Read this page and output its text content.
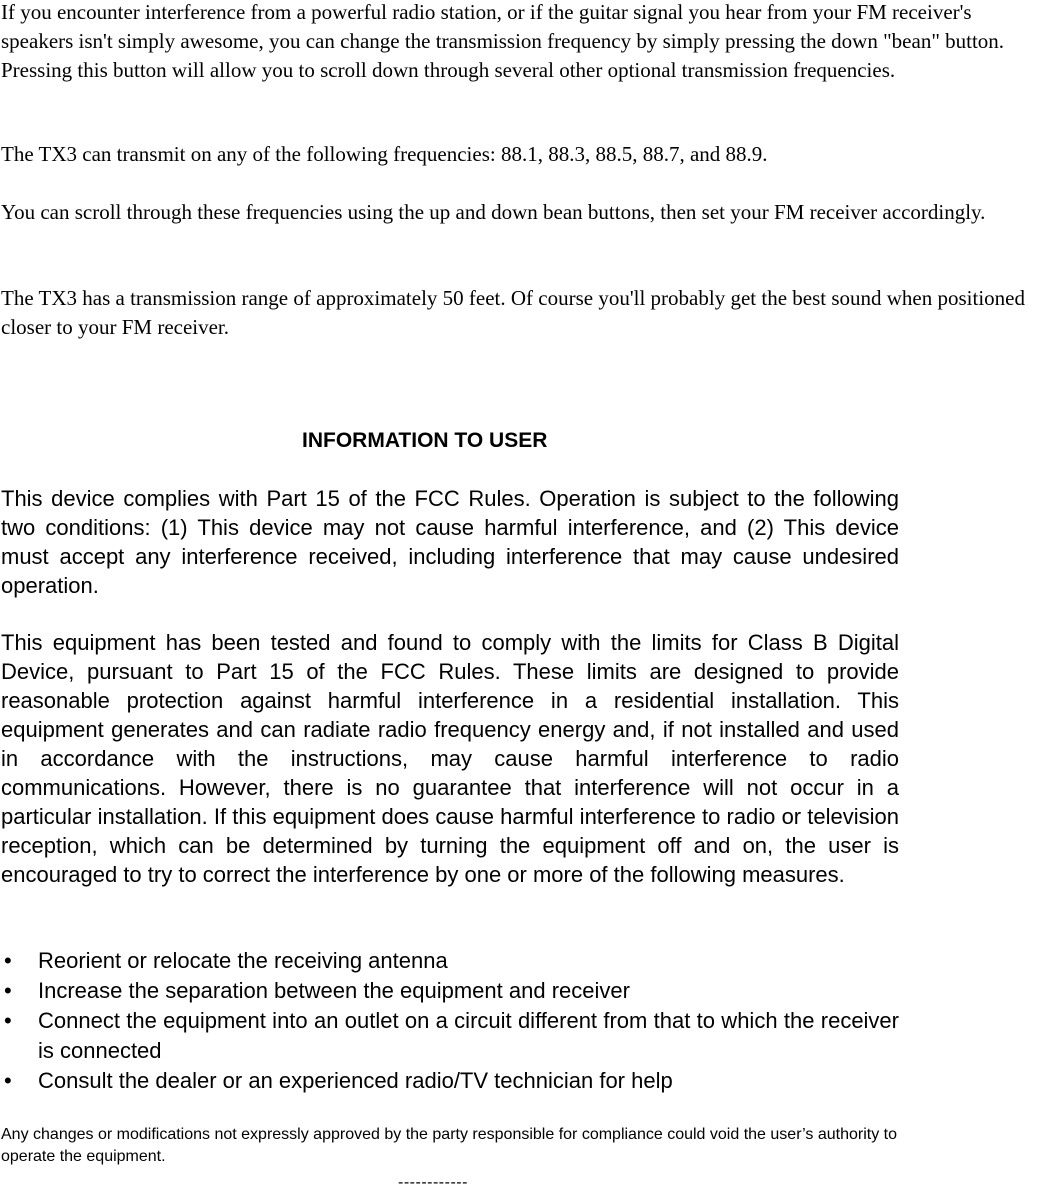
If you encounter interference from a powerful radio station, or if the guitar signal you hear from your FM receiver's speakers isn't simply awesome, you can change the transmission frequency by simply pressing the down "bean" button. Pressing this button will allow you to scroll down through several other optional transmission frequencies.

The TX3 can transmit on any of the following frequencies: 88.1, 88.3, 88.5, 88.7, and 88.9.

You can scroll through these frequencies using the up and down bean buttons, then set your FM receiver accordingly.

The TX3 has a transmission range of approximately 50 feet. Of course you'll probably get the best sound when positioned closer to your FM receiver.

INFORMATION TO USER

This device complies with Part 15 of the FCC Rules. Operation is subject to the following two conditions: (1) This device may not cause harmful interference, and (2) This device must accept any interference received, including interference that may cause undesired operation.

This equipment has been tested and found to comply with the limits for Class B Digital Device, pursuant to Part 15 of the FCC Rules. These limits are designed to provide reasonable protection against harmful interference in a residential installation. This equipment generates and can radiate radio frequency energy and, if not installed and used in accordance with the instructions, may cause harmful interference to radio communications. However, there is no guarantee that interference will not occur in a particular installation. If this equipment does cause harmful interference to radio or television reception, which can be determined by turning the equipment off and on, the user is encouraged to try to correct the interference by one or more of the following measures.

• Reorient or relocate the receiving antenna
• Increase the separation between the equipment and receiver
• Connect the equipment into an outlet on a circuit different from that to which the receiver is connected
• Consult the dealer or an experienced radio/TV technician for help

Any changes or modifications not expressly approved by the party responsible for compliance could void the user’s authority to operate the equipment.

------------
